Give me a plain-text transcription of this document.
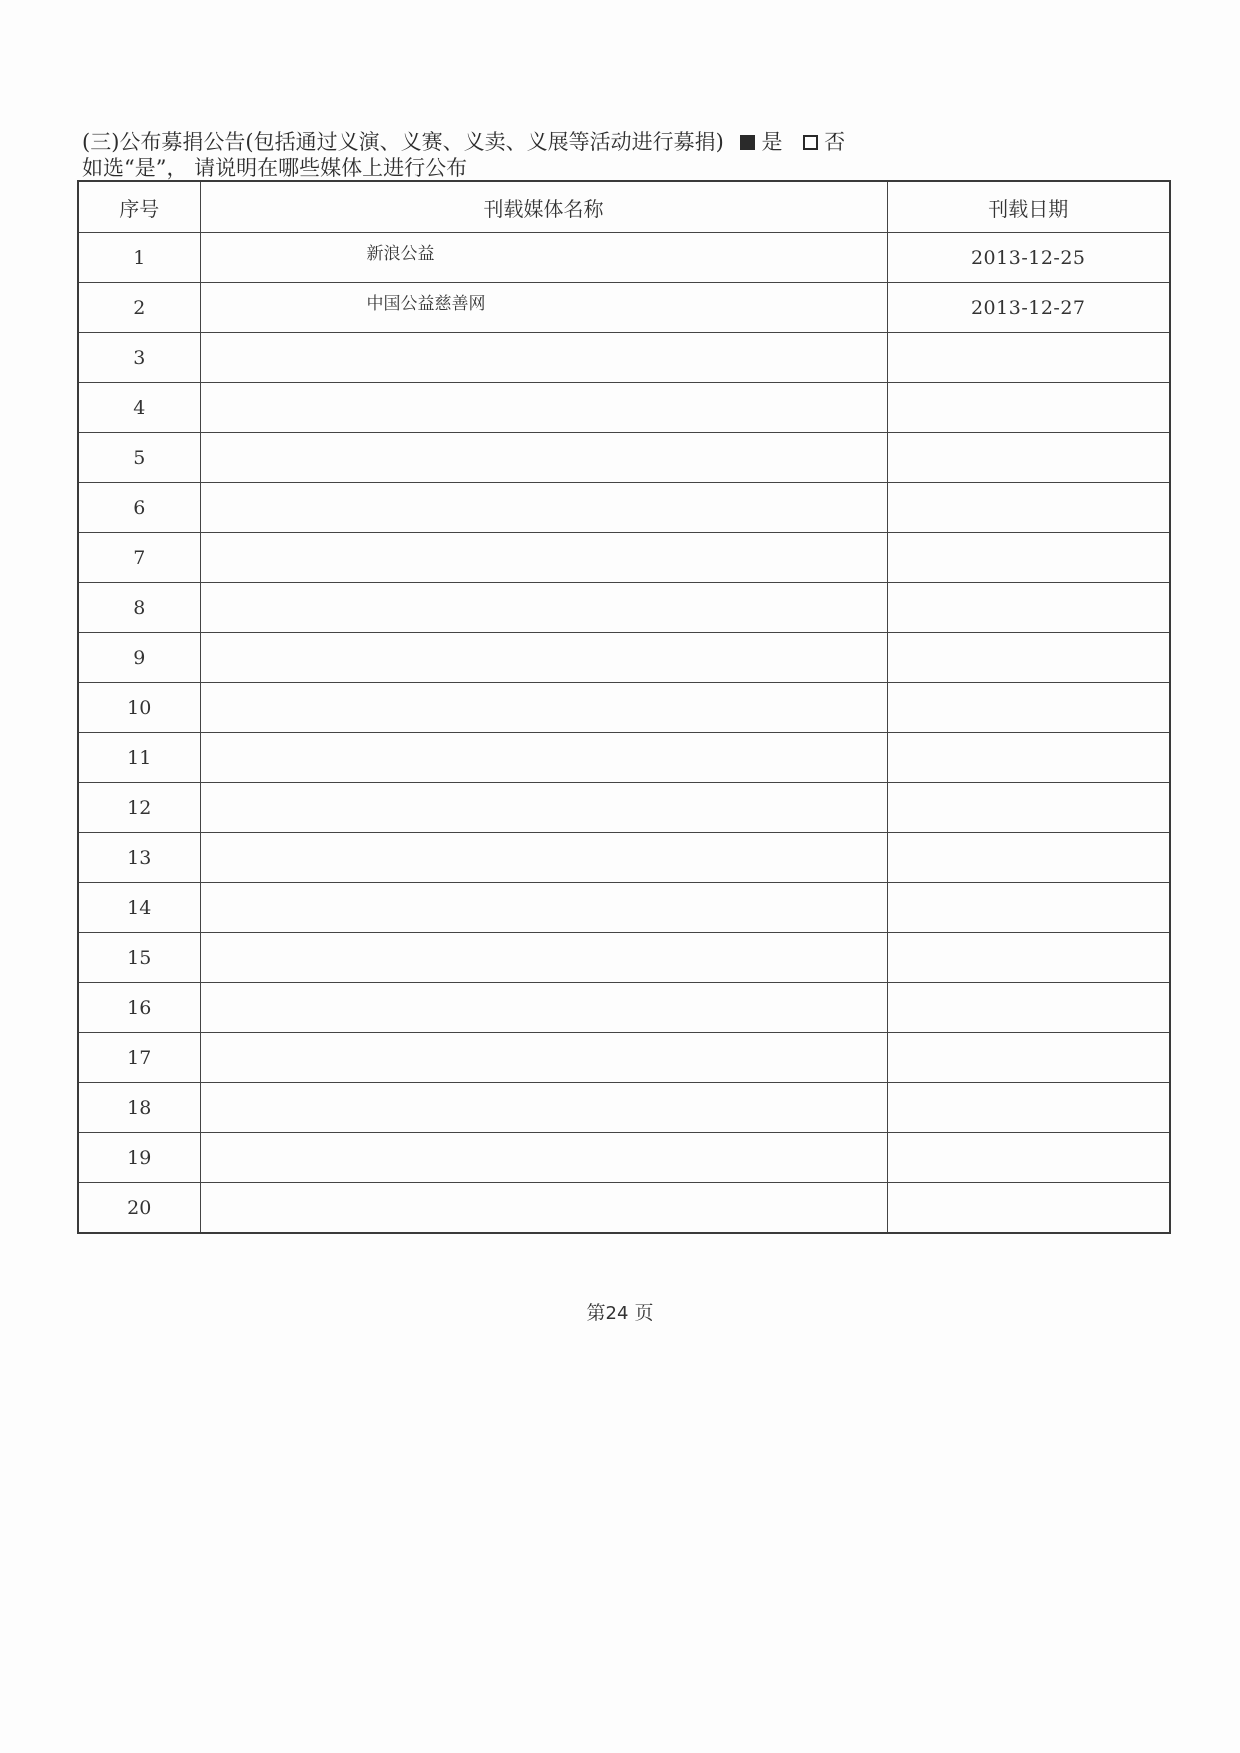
(三)公布募捐公告(包括通过义演、义赛、义卖、义展等活动进行募捐) 是 否
如选“是”， 请说明在哪些媒体上进行公布
序号	刊载媒体名称	刊载日期
1	新浪公益	2013-12-25
2	中国公益慈善网	2013-12-27
3	

4	

5	

6	

7	

8	

9	

10	

11	

12	

13	

14	

15	

16	

17	

18	

19	

20	

第24 页
